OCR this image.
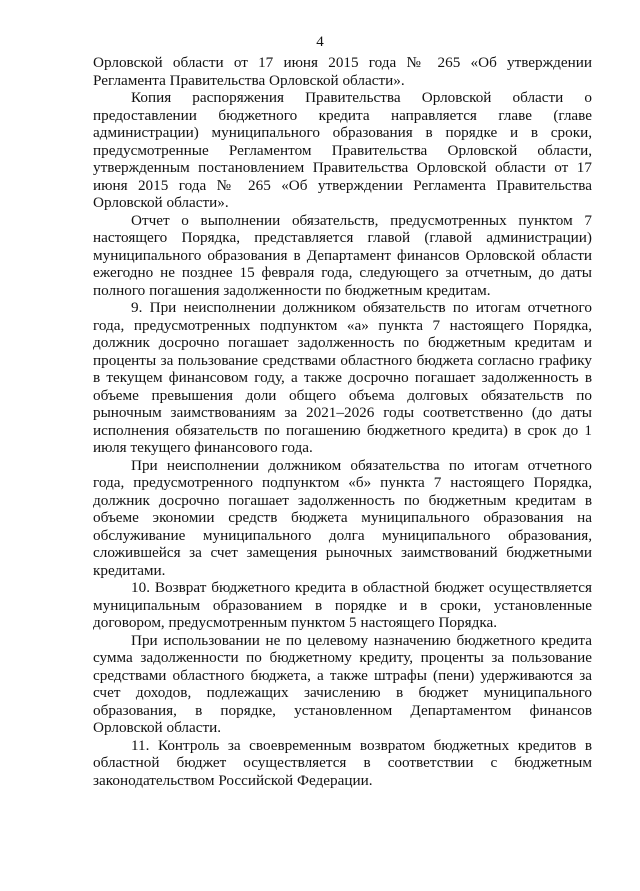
4

Орловской области от 17 июня 2015 года № 265 «Об утверждении Регламента Правительства Орловской области».

Копия распоряжения Правительства Орловской области о предоставлении бюджетного кредита направляется главе (главе администрации) муниципального образования в порядке и в сроки, предусмотренные Регламентом Правительства Орловской области, утвержденным постановлением Правительства Орловской области от 17 июня 2015 года № 265 «Об утверждении Регламента Правительства Орловской области».

Отчет о выполнении обязательств, предусмотренных пунктом 7 настоящего Порядка, представляется главой (главой администрации) муниципального образования в Департамент финансов Орловской области ежегодно не позднее 15 февраля года, следующего за отчетным, до даты полного погашения задолженности по бюджетным кредитам.

9. При неисполнении должником обязательств по итогам отчетного года, предусмотренных подпунктом «а» пункта 7 настоящего Порядка, должник досрочно погашает задолженность по бюджетным кредитам и проценты за пользование средствами областного бюджета согласно графику в текущем финансовом году, а также досрочно погашает задолженность в объеме превышения доли общего объема долговых обязательств по рыночным заимствованиям за 2021–2026 годы соответственно (до даты исполнения обязательств по погашению бюджетного кредита) в срок до 1 июля текущего финансового года.

При неисполнении должником обязательства по итогам отчетного года, предусмотренного подпунктом «б» пункта 7 настоящего Порядка, должник досрочно погашает задолженность по бюджетным кредитам в объеме экономии средств бюджета муниципального образования на обслуживание муниципального долга муниципального образования, сложившейся за счет замещения рыночных заимствований бюджетными кредитами.

10. Возврат бюджетного кредита в областной бюджет осуществляется муниципальным образованием в порядке и в сроки, установленные договором, предусмотренным пунктом 5 настоящего Порядка.

При использовании не по целевому назначению бюджетного кредита сумма задолженности по бюджетному кредиту, проценты за пользование средствами областного бюджета, а также штрафы (пени) удерживаются за счет доходов, подлежащих зачислению в бюджет муниципального образования, в порядке, установленном Департаментом финансов Орловской области.

11. Контроль за своевременным возвратом бюджетных кредитов в областной бюджет осуществляется в соответствии с бюджетным законодательством Российской Федерации.
